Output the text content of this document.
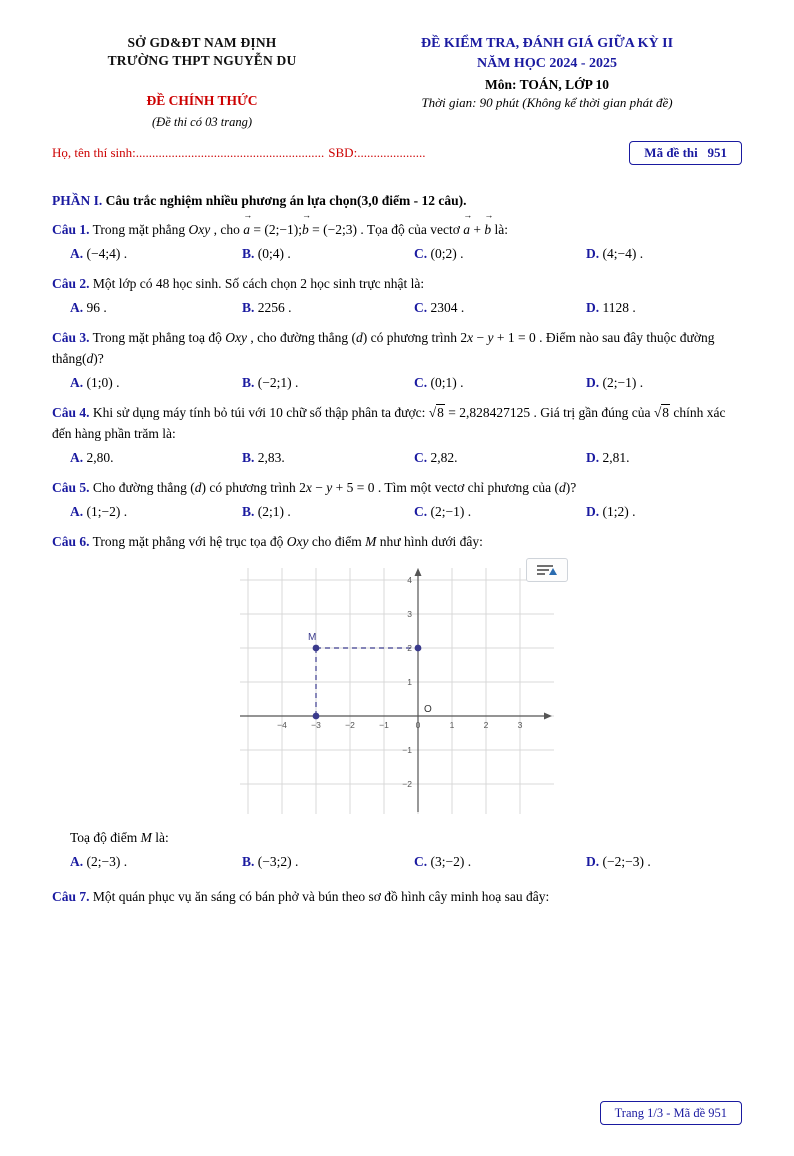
SỞ GD&ĐT NAM ĐỊNH
TRƯỜNG THPT NGUYỄN DU
ĐỀ CHÍNH THỨC
(Đề thi có 03 trang)
ĐỀ KIỂM TRA, ĐÁNH GIÁ GIỮA KỲ II
NĂM HỌC 2024 - 2025
Môn: TOÁN, LỚP 10
Thời gian: 90 phút (Không kể thời gian phát đề)
Họ, tên thí sinh: .......................................................... SBD: .....................	Mã đề thi 951
PHẦN I. Câu trắc nghiệm nhiều phương án lựa chọn(3,0 điểm - 12 câu).
Câu 1. Trong mặt phẳng Oxy , cho a → = (2;−1);b → = (−2;3) . Tọa độ của vectơ a → + b → là:
A. (−4;4) .	B. (0;4) .	C. (0;2) .	D. (4;−4) .
Câu 2. Một lớp có 48 học sinh. Số cách chọn 2 học sinh trực nhật là:
A. 96 .	B. 2256 .	C. 2304 .	D. 1128 .
Câu 3. Trong mặt phẳng toạ độ Oxy , cho đường thẳng (d) có phương trình 2x − y + 1 = 0 . Điểm nào sau đây thuộc đường thẳng(d)?
A. (1;0) .	B. (−2;1) .	C. (0;1) .	D. (2;−1) .
Câu 4. Khi sử dụng máy tính bỏ túi với 10 chữ số thập phân ta được: √8 = 2,828427125 . Giá trị gần đúng của √8 chính xác đến hàng phần trăm là:
A. 2,80.	B. 2,83.	C. 2,82.	D. 2,81.
Câu 5. Cho đường thẳng (d) có phương trình 2x − y + 5 = 0 . Tìm một vectơ chỉ phương của (d)?
A. (1;−2) .	B. (2;1) .	C. (2;−1) .	D. (1;2) .
Câu 6. Trong mặt phẳng với hệ trục tọa độ Oxy cho điểm M như hình dưới đây:
−4	−3	−2	−1	0	1	2	3
4
3
2
1
−1
−2
M
O
Toạ độ điểm M là:
A. (2;−3) .	B. (−3;2) .	C. (3;−2) .	D. (−2;−3) .
Câu 7. Một quán phục vụ ăn sáng có bán phở và bún theo sơ đồ hình cây minh hoạ sau đây:
Trang 1/3 - Mã đề 951
